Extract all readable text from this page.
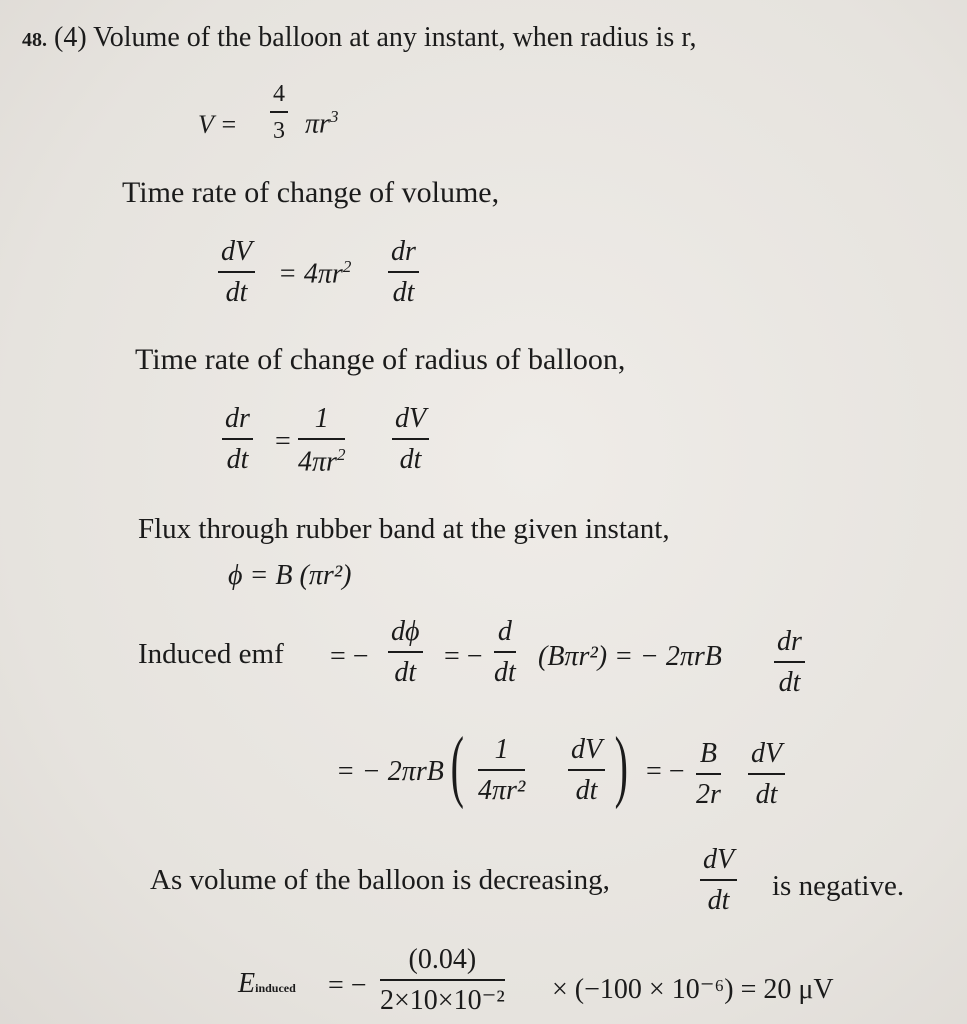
48. (4) Volume of the balloon at any instant, when radius is r,
$V = \frac{4}{3} \pi r^3$
Time rate of change of volume,
$\frac{dV}{dt} = 4\pi r^2 \frac{dr}{dt}$
Time rate of change of radius of balloon,
$\frac{dr}{dt} = \frac{1}{4\pi r^2} \frac{dV}{dt}$
Flux through rubber band at the given instant,
ϕ = B (πr²)
Induced emf = − $\frac{d\phi}{dt}$ = − $\frac{d}{dt} (B\pi r^2)$ = − $2\pi rB \frac{dr}{dt}$
= − 2πrB ( $\frac{1}{\text{4πr²}} \frac{dV}{dt}$ ) = − $\frac{B}{2r} \frac{dV}{dt}$
As volume of the balloon is decreasing,	$\frac{dV}{dt}$ is negative.
Einduced = − $\frac{(0.04)}{\text{2×10×10⁻²}} \times (-100 \times 10^{-6}) = 20$ μV
